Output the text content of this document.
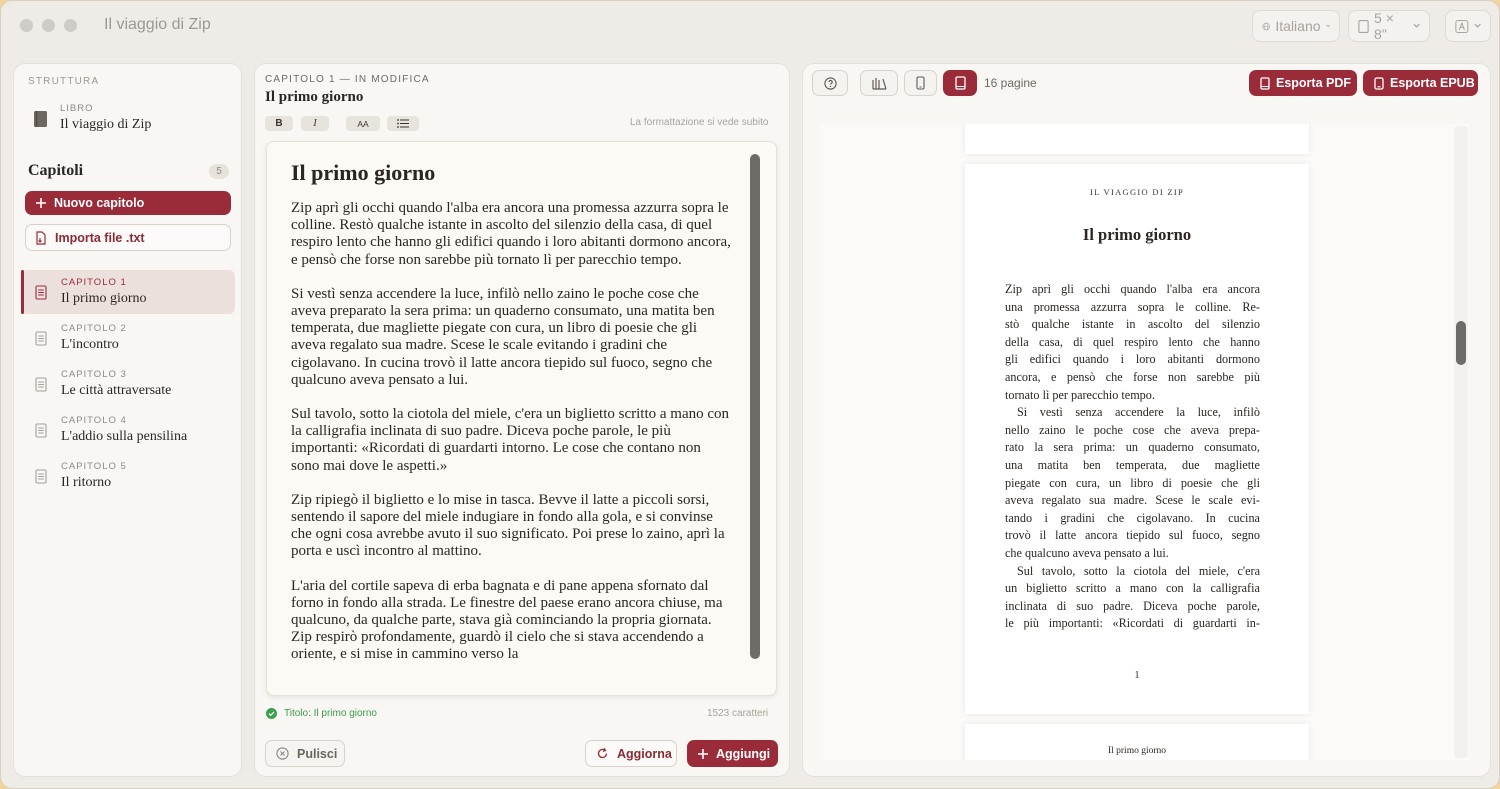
Il viaggio di Zip	Italiano	5 × 8"
STRUTTURA
LIBRO
Il viaggio di Zip
Capitoli	5
Nuovo capitolo
Importa file .txt
CAPITOLO 1
Il primo giorno
CAPITOLO 2
L'incontro
CAPITOLO 3
Le città attraversate
CAPITOLO 4
L'addio sulla pensilina
CAPITOLO 5
Il ritorno
CAPITOLO 1 — IN MODIFICA
Il primo giorno
B	I	AA	La formattazione si vede subito
Il primo giorno

Zip aprì gli occhi quando l'alba era ancora una promessa azzurra sopra le colline. Restò qualche istante in ascolto del silenzio della casa, di quel respiro lento che hanno gli edifici quando i loro abitanti dormono ancora, e pensò che forse non sarebbe più tornato lì per parecchio tempo.

Si vestì senza accendere la luce, infilò nello zaino le poche cose che aveva preparato la sera prima: un quaderno consumato, una matita ben temperata, due magliette piegate con cura, un libro di poesie che gli aveva regalato sua madre. Scese le scale evitando i gradini che cigolavano. In cucina trovò il latte ancora tiepido sul fuoco, segno che qualcuno aveva pensato a lui.

Sul tavolo, sotto la ciotola del miele, c'era un biglietto scritto a mano con la calligrafia inclinata di suo padre. Diceva poche parole, le più importanti: «Ricordati di guardarti intorno. Le cose che contano non sono mai dove le aspetti.»

Zip ripiegò il biglietto e lo mise in tasca. Bevve il latte a piccoli sorsi, sentendo il sapore del miele indugiare in fondo alla gola, e si convinse che ogni cosa avrebbe avuto il suo significato. Poi prese lo zaino, aprì la porta e uscì incontro al mattino.

L'aria del cortile sapeva di erba bagnata e di pane appena sfornato dal forno in fondo alla strada. Le finestre del paese erano ancora chiuse, ma qualcuno, da qualche parte, stava già cominciando la propria giornata. Zip respirò profondamente, guardò il cielo che si stava accendendo a oriente, e si mise in cammino verso la

Titolo: Il primo giorno	1523 caratteri
Pulisci	Aggiorna	Aggiungi
16 pagine	Esporta PDF	Esporta EPUB
IL VIAGGIO DI ZIP
Il primo giorno
Zip aprì gli occhi quando l'alba era ancora
una promessa azzurra sopra le colline. Re-
stò qualche istante in ascolto del silenzio
della casa, di quel respiro lento che hanno
gli edifici quando i loro abitanti dormono
ancora, e pensò che forse non sarebbe più
tornato lì per parecchio tempo.
Si vestì senza accendere la luce, infilò
nello zaino le poche cose che aveva prepa-
rato la sera prima: un quaderno consumato,
una matita ben temperata, due magliette
piegate con cura, un libro di poesie che gli
aveva regalato sua madre. Scese le scale evi-
tando i gradini che cigolavano. In cucina
trovò il latte ancora tiepido sul fuoco, segno
che qualcuno aveva pensato a lui.
Sul tavolo, sotto la ciotola del miele, c'era
un biglietto scritto a mano con la calligrafia
inclinata di suo padre. Diceva poche parole,
le più importanti: «Ricordati di guardarti in-
1
Il primo giorno
